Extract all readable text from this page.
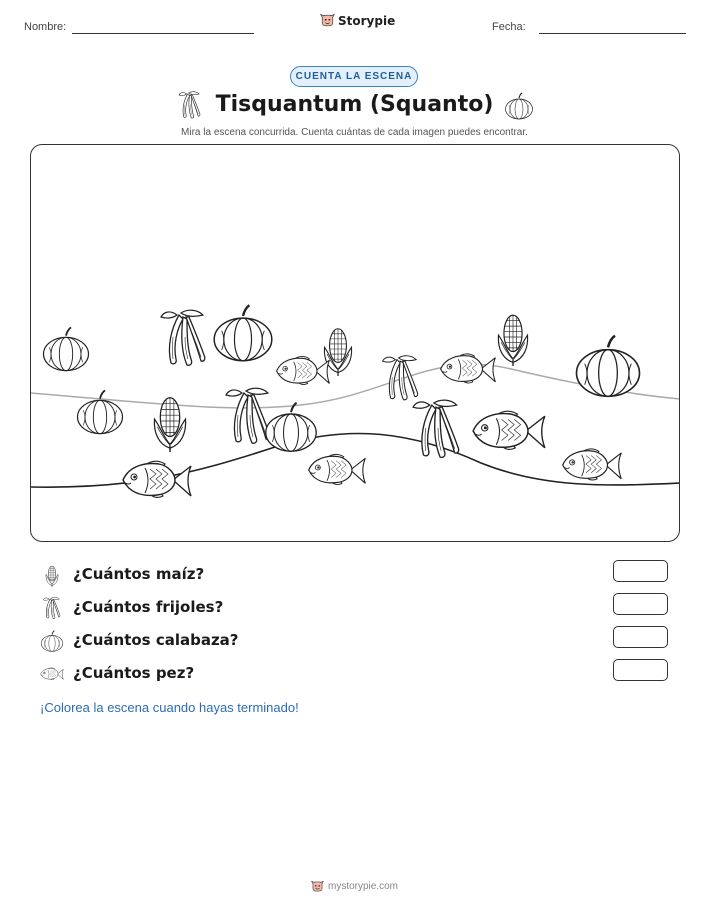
Nombre:	Storypie	Fecha:
CUENTA LA ESCENA
Tisquantum (Squanto)
Mira la escena concurrida. Cuenta cuántas de cada imagen puedes encontrar.
¿Cuántos maíz?
¿Cuántos frijoles?
¿Cuántos calabaza?
¿Cuántos pez?
¡Colorea la escena cuando hayas terminado!
mystorypie.com
